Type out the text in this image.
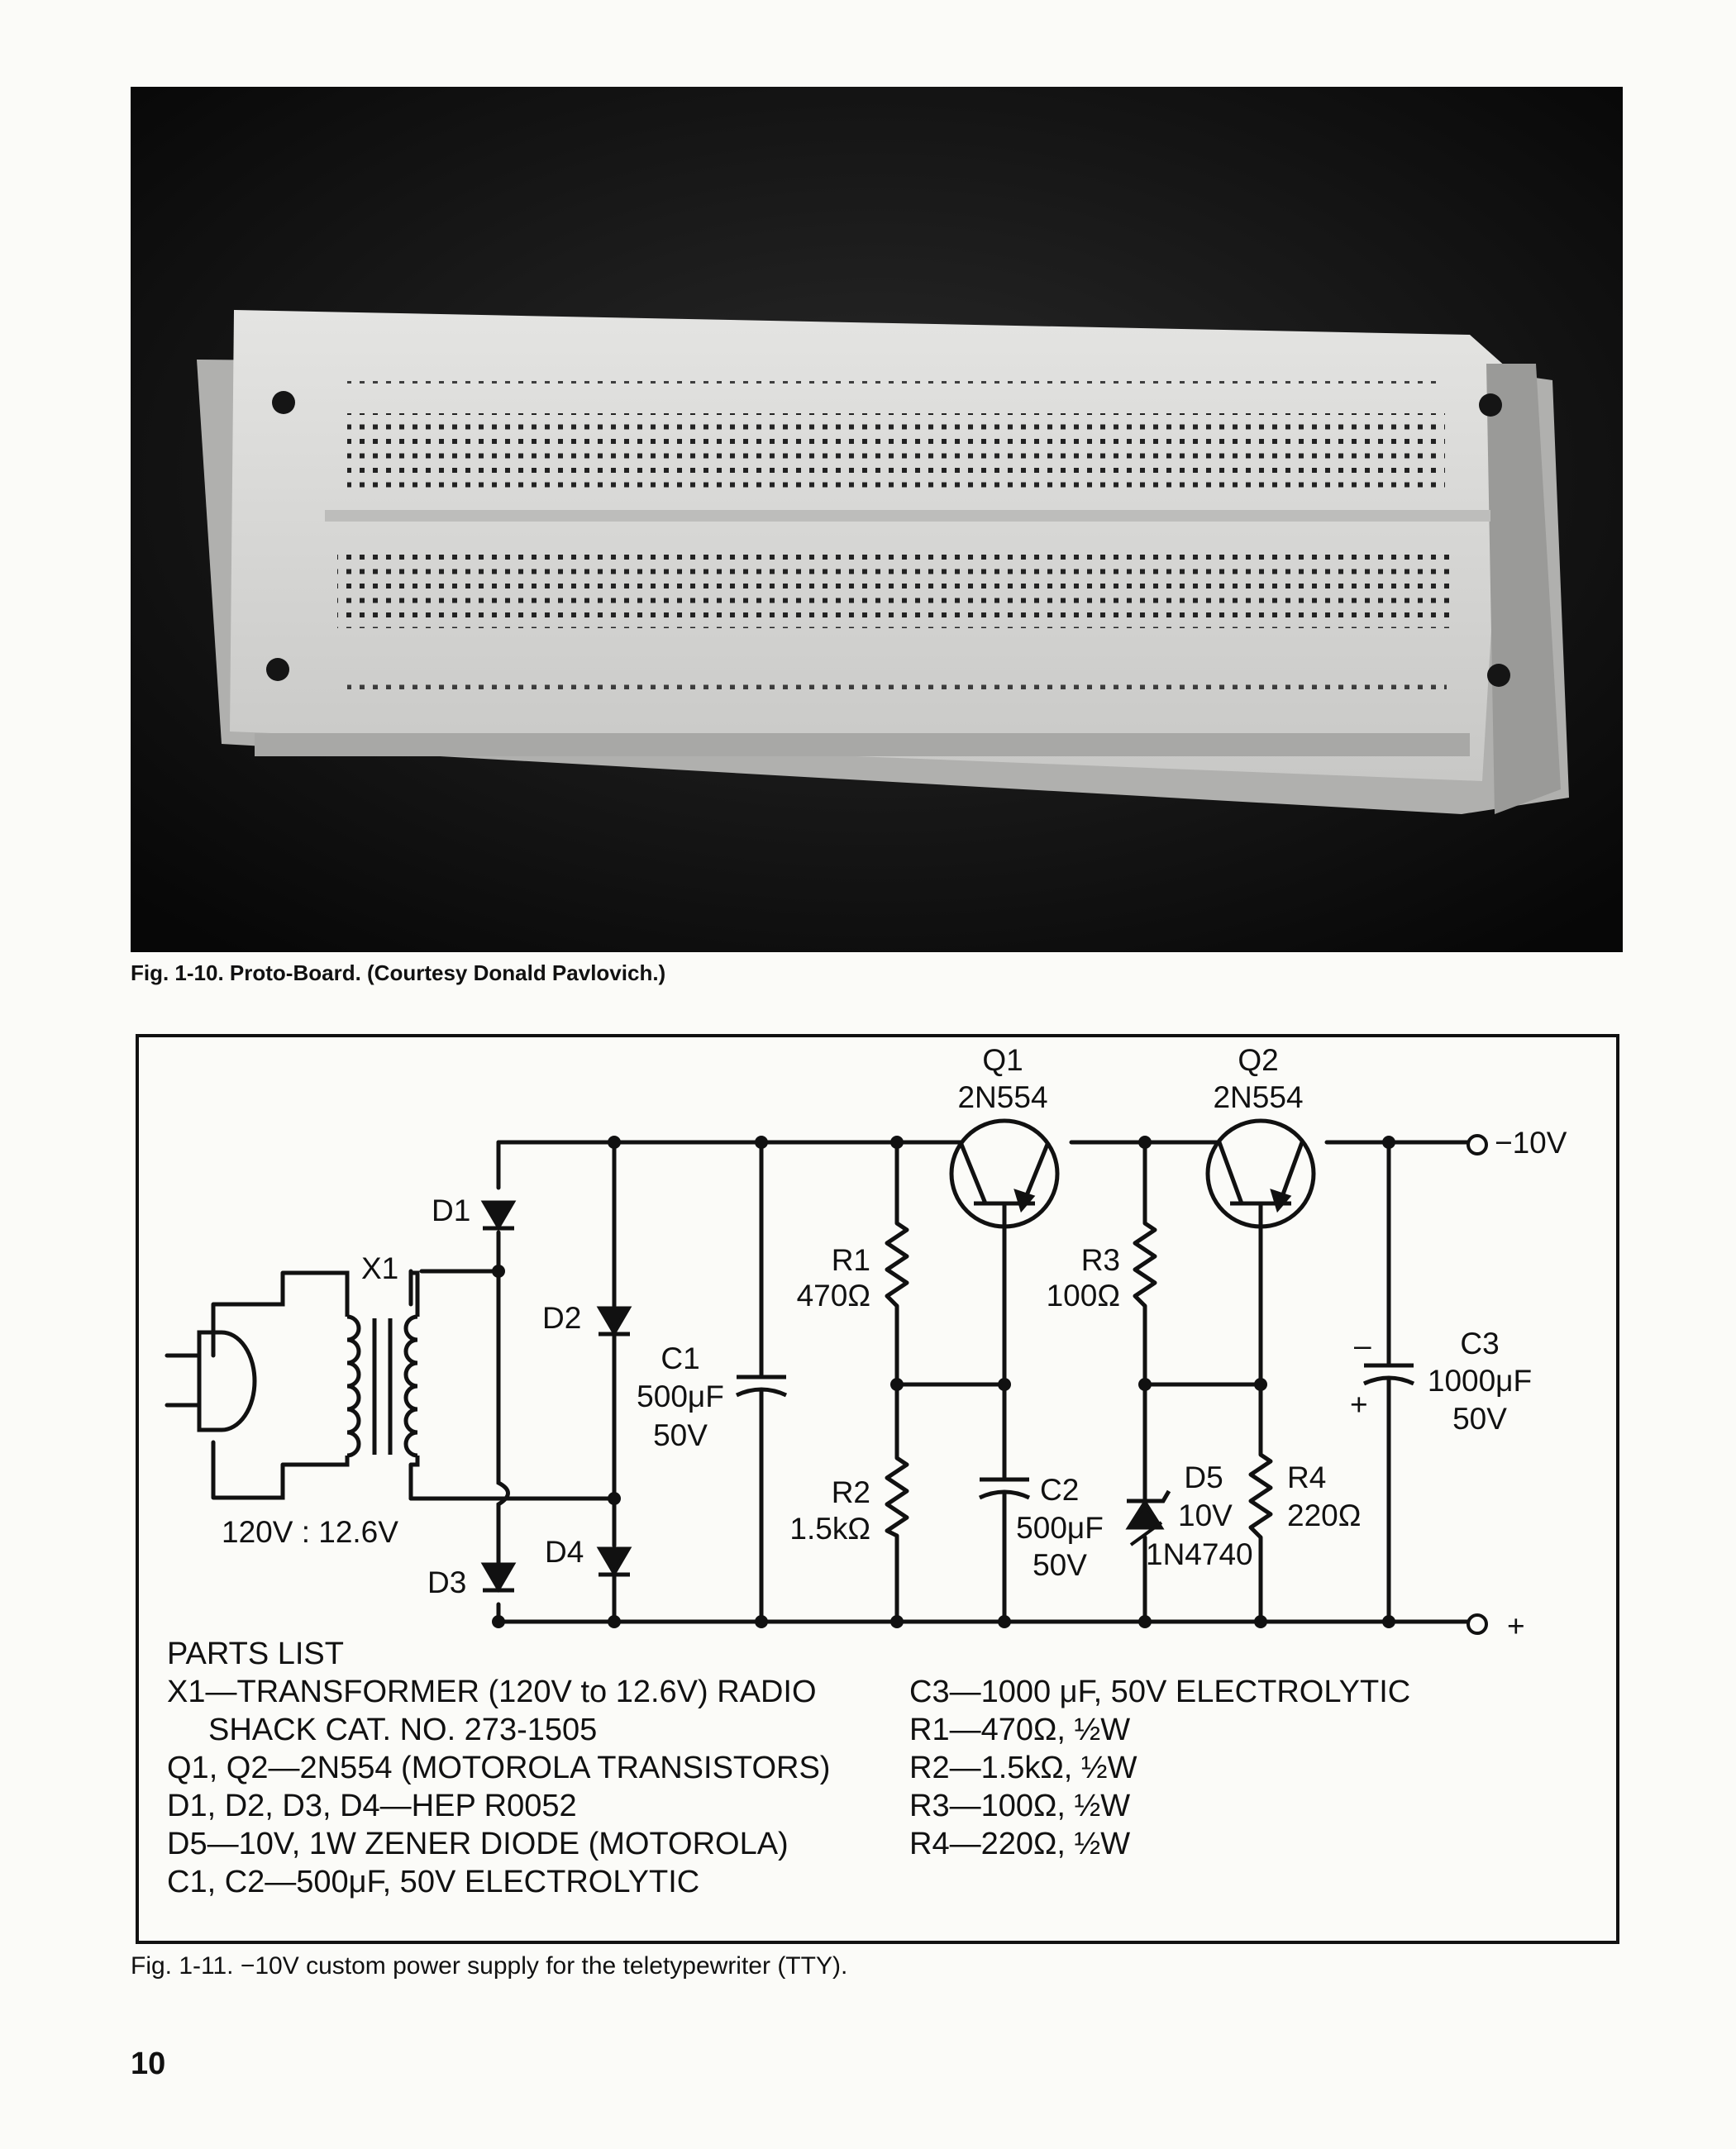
Fig. 1-10. Proto-Board. (Courtesy Donald Pavlovich.)

Q1
2N554
Q2
2N554
−10V
+
D1
X1
D2
D3
D4
120V : 12.6V
C1
500μF
50V
R1
470Ω
R2
1.5kΩ
R3
100Ω
C2
500μF
50V
D5
10V
1N4740
R4
220Ω
C3
1000μF
50V
–
+
PARTS LIST
X1—TRANSFORMER (120V to 12.6V) RADIO
SHACK CAT. NO. 273-1505
Q1, Q2—2N554 (MOTOROLA TRANSISTORS)
D1, D2, D3, D4—HEP R0052
D5—10V, 1W ZENER DIODE (MOTOROLA)
C1, C2—500μF, 50V ELECTROLYTIC
C3—1000 μF, 50V ELECTROLYTIC
R1—470Ω, ½W
R2—1.5kΩ, ½W
R3—100Ω, ½W
R4—220Ω, ½W

Fig. 1-11. −10V custom power supply for the teletypewriter (TTY).

10
